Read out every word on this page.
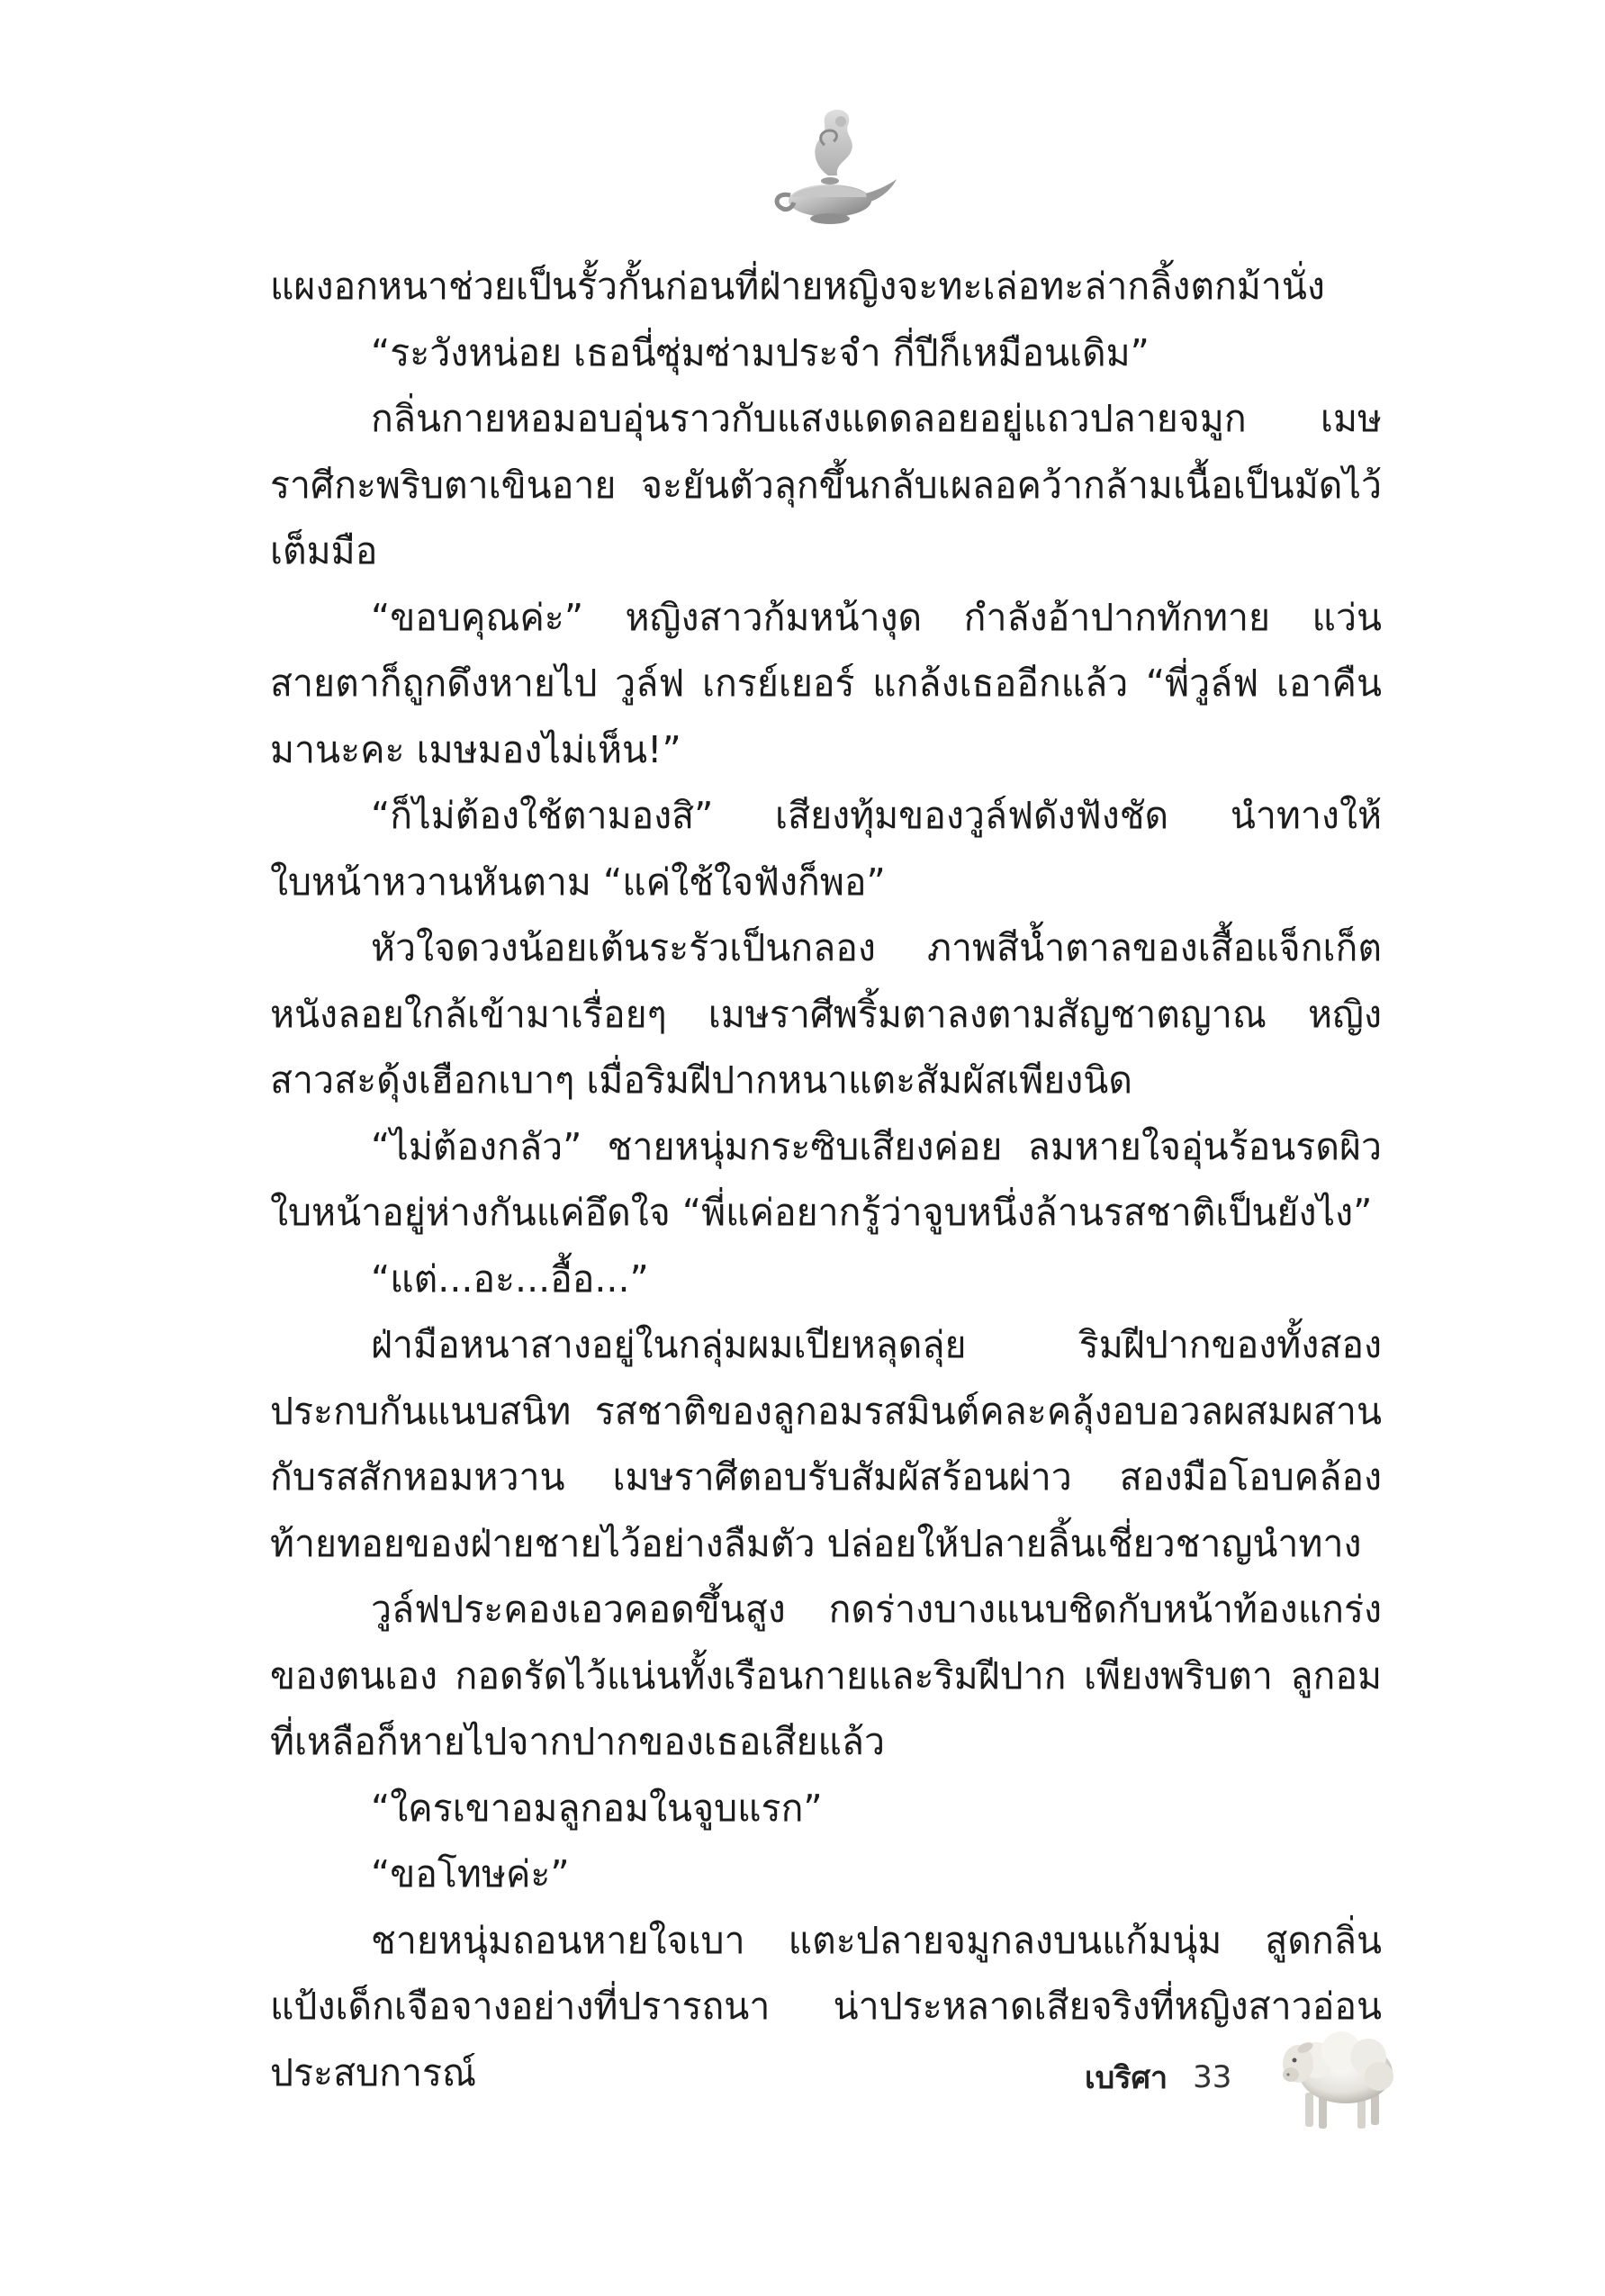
แผงอกหนาช่วยเป็นรั้วกั้นก่อนที่ฝ่ายหญิงจะทะเล่อทะล่ากลิ้งตกม้านั่ง

“ระวังหน่อย เธอนี่ซุ่มซ่ามประจำ กี่ปีก็เหมือนเดิม”

กลิ่นกายหอมอบอุ่นราวกับแสงแดดลอยอยู่แถวปลายจมูก เมษราศีกะพริบตาเขินอาย จะยันตัวลุกขึ้นกลับเผลอคว้ากล้ามเนื้อเป็นมัดไว้เต็มมือ

“ขอบคุณค่ะ” หญิงสาวก้มหน้างุด กำลังอ้าปากทักทาย แว่นสายตาก็ถูกดึงหายไป วูล์ฟ เกรย์เยอร์ แกล้งเธออีกแล้ว “พี่วูล์ฟ เอาคืนมานะคะ เมษมองไม่เห็น!”

“ก็ไม่ต้องใช้ตามองสิ” เสียงทุ้มของวูล์ฟดังฟังชัด นำทางให้ใบหน้าหวานหันตาม “แค่ใช้ใจฟังก็พอ”

หัวใจดวงน้อยเต้นระรัวเป็นกลอง ภาพสีน้ำตาลของเสื้อแจ็กเก็ตหนังลอยใกล้เข้ามาเรื่อยๆ เมษราศีพริ้มตาลงตามสัญชาตญาณ หญิงสาวสะดุ้งเฮือกเบาๆ เมื่อริมฝีปากหนาแตะสัมผัสเพียงนิด

“ไม่ต้องกลัว” ชายหนุ่มกระซิบเสียงค่อย ลมหายใจอุ่นร้อนรดผิว ใบหน้าอยู่ห่างกันแค่อึดใจ “พี่แค่อยากรู้ว่าจูบหนึ่งล้านรสชาติเป็นยังไง”

“แต่...อะ...อื้อ...”

ฝ่ามือหนาสางอยู่ในกลุ่มผมเปียหลุดลุ่ย ริมฝีปากของทั้งสองประกบกันแนบสนิท รสชาติของลูกอมรสมินต์คละคลุ้งอบอวลผสมผสานกับรสสักหอมหวาน เมษราศีตอบรับสัมผัสร้อนผ่าว สองมือโอบคล้องท้ายทอยของฝ่ายชายไว้อย่างลืมตัว ปล่อยให้ปลายลิ้นเชี่ยวชาญนำทาง

วูล์ฟประคองเอวคอดขึ้นสูง กดร่างบางแนบชิดกับหน้าท้องแกร่งของตนเอง กอดรัดไว้แน่นทั้งเรือนกายและริมฝีปาก เพียงพริบตา ลูกอมที่เหลือก็หายไปจากปากของเธอเสียแล้ว

“ใครเขาอมลูกอมในจูบแรก”

“ขอโทษค่ะ”

ชายหนุ่มถอนหายใจเบา แตะปลายจมูกลงบนแก้มนุ่ม สูดกลิ่นแป้งเด็กเจือจางอย่างที่ปรารถนา น่าประหลาดเสียจริงที่หญิงสาวอ่อนประสบการณ์	เบริศา 33
